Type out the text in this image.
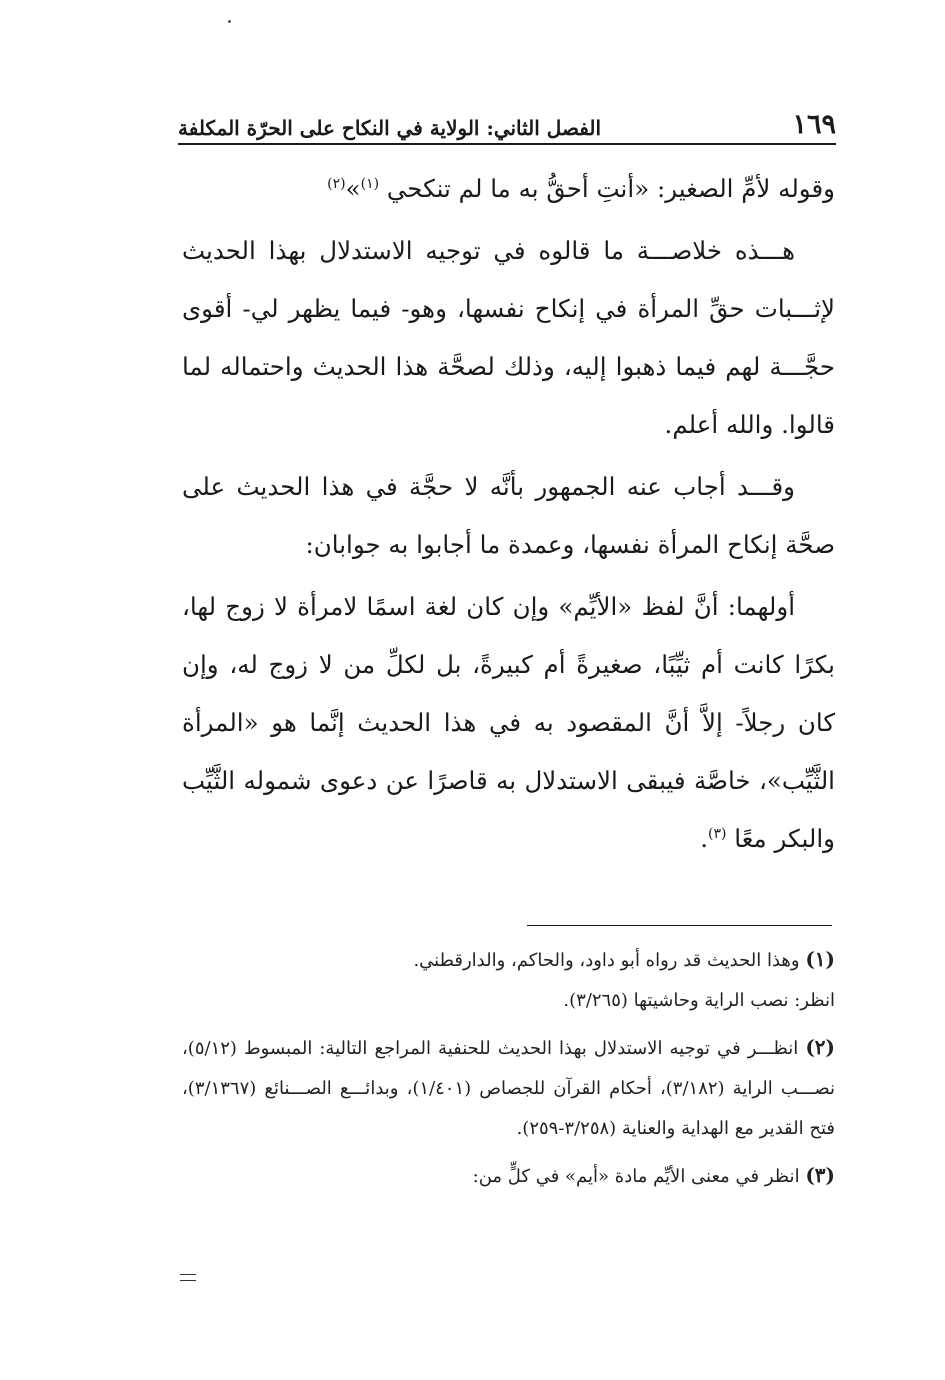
١٦٩
الفصل الثاني: الولاية في النكاح على الحرّة المكلفة

وقوله لأمِّ الصغير: «أنتِ أحقُّ به ما لم تنكحي $^{(١)}$»$^{(٢)}$

هـــذه خلاصـــة ما قالوه في توجيه الاستدلال بهذا الحديث لإثـــبات حقِّ المرأة في إنكاح نفسها، وهو- فيما يظهر لي- أقوى حجَّـــة لهم فيما ذهبوا إليه، وذلك لصحَّة هذا الحديث واحتماله لما قالوا. والله أعلم.

وقـــد أجاب عنه الجمهور بأنَّه لا حجَّة في هذا الحديث على صحَّة إنكاح المرأة نفسها، وعمدة ما أجابوا به جوابان:

أولهما: أنَّ لفظ «الأيِّم» وإن كان لغة اسمًا لامرأة لا زوج لها، بكرًا كانت أم ثيِّبًا، صغيرةً أم كبيرةً، بل لكلِّ من لا زوج له، وإن كان رجلاً- إلاَّ أنَّ المقصود به في هذا الحديث إنَّما هو «المرأة الثَّيِّب»، خاصَّة فيبقى الاستدلال به قاصرًا عن دعوى شموله الثَّيِّب والبكر معًا $^{(٣)}$.

(١) وهذا الحديث قد رواه أبو داود، والحاكم، والدارقطني.

انظر: نصب الراية وحاشيتها (٣/٢٦٥).

(٢) انظـــر في توجيه الاستدلال بهذا الحديث للحنفية المراجع التالية: المبسوط (٥/١٢)، نصـــب الراية (٣/١٨٢)، أحكام القرآن للجصاص (١/٤٠١)، وبدائـــع الصـــنائع (٣/١٣٦٧)، فتح القدير مع الهداية والعناية (٣/٢٥٨-٢٥٩).

(٣) انظر في معنى الأيِّم مادة «أيم» في كلٍّ من:
